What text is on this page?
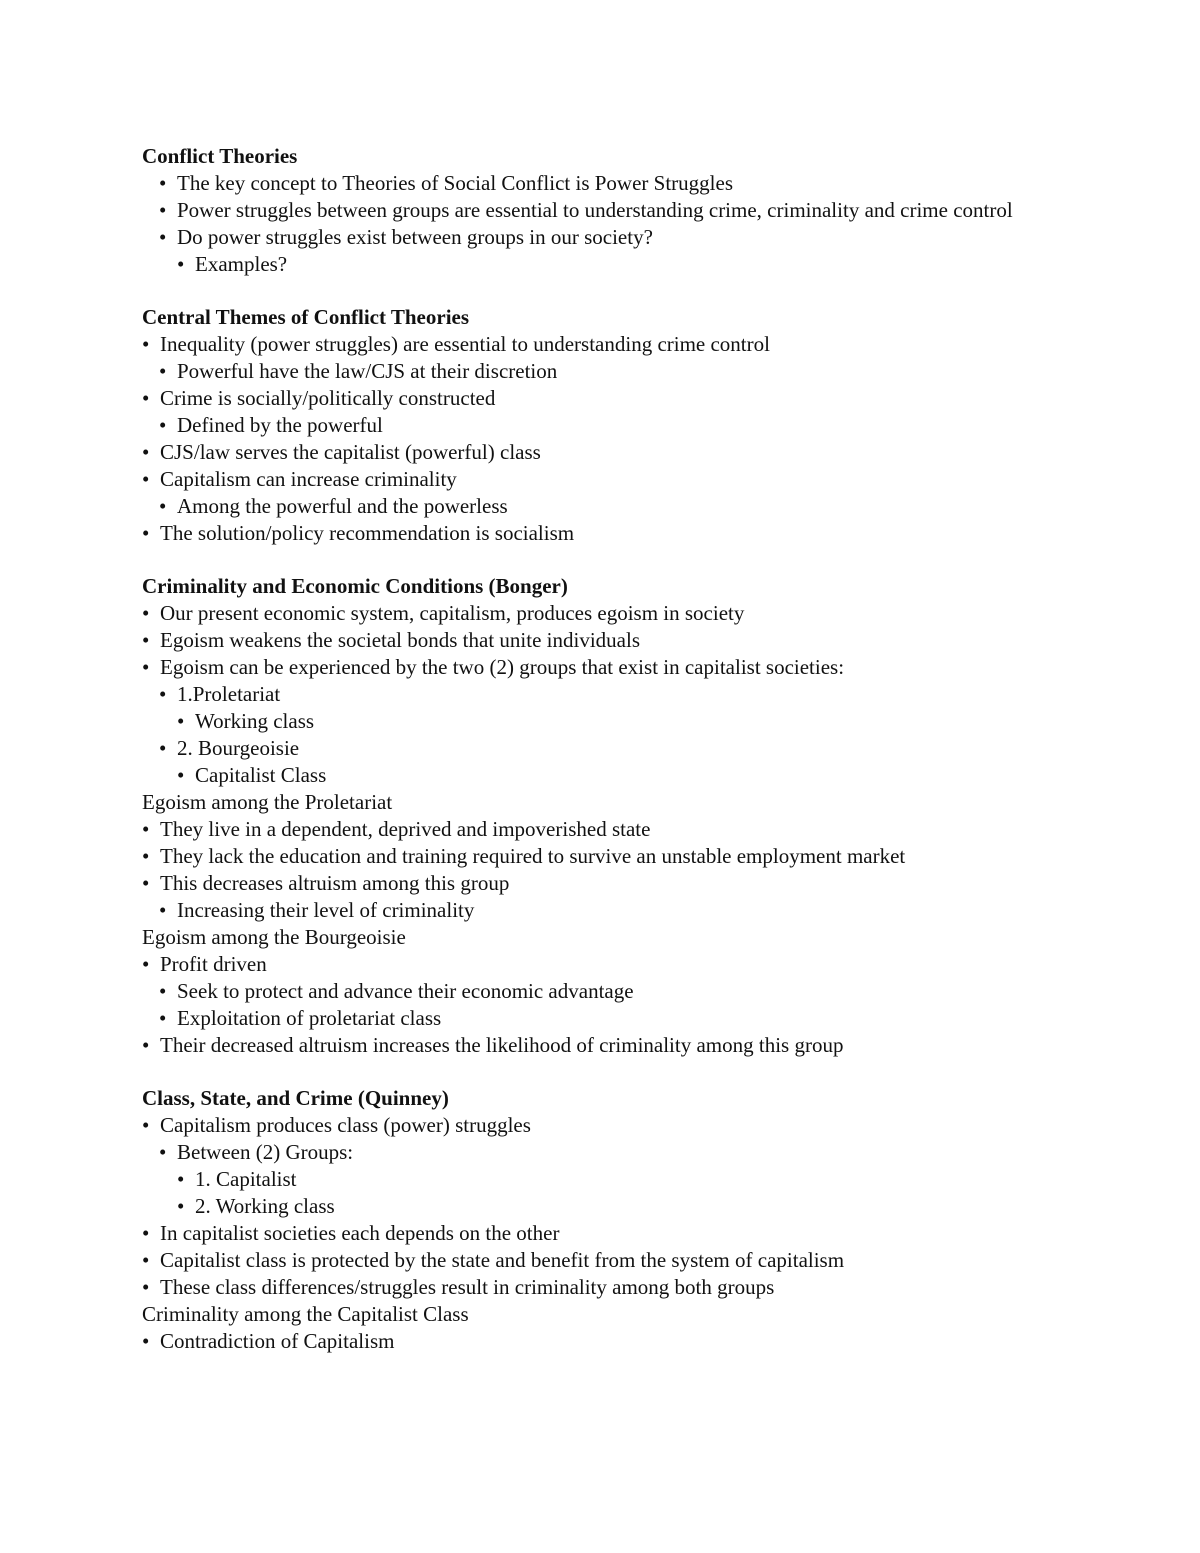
Conflict Theories
• The key concept to Theories of Social Conflict is Power Struggles
• Power struggles between groups are essential to understanding crime, criminality and crime control
• Do power struggles exist between groups in our society?
• Examples?
Central Themes of Conflict Theories
• Inequality (power struggles) are essential to understanding crime control
• Powerful have the law/CJS at their discretion
• Crime is socially/politically constructed
• Defined by the powerful
• CJS/law serves the capitalist (powerful) class
• Capitalism can increase criminality
• Among the powerful and the powerless
• The solution/policy recommendation is socialism
Criminality and Economic Conditions (Bonger)
• Our present economic system, capitalism, produces egoism in society
• Egoism weakens the societal bonds that unite individuals
• Egoism can be experienced by the two (2) groups that exist in capitalist societies:
• 1.Proletariat
• Working class
• 2. Bourgeoisie
• Capitalist Class
Egoism among the Proletariat
• They live in a dependent, deprived and impoverished state
• They lack the education and training required to survive an unstable employment market
• This decreases altruism among this group
• Increasing their level of criminality
Egoism among the Bourgeoisie
• Profit driven
• Seek to protect and advance their economic advantage
• Exploitation of proletariat class
• Their decreased altruism increases the likelihood of criminality among this group
Class, State, and Crime (Quinney)
• Capitalism produces class (power) struggles
• Between (2) Groups:
• 1. Capitalist
• 2. Working class
• In capitalist societies each depends on the other
• Capitalist class is protected by the state and benefit from the system of capitalism
• These class differences/struggles result in criminality among both groups
Criminality among the Capitalist Class
• Contradiction of Capitalism
